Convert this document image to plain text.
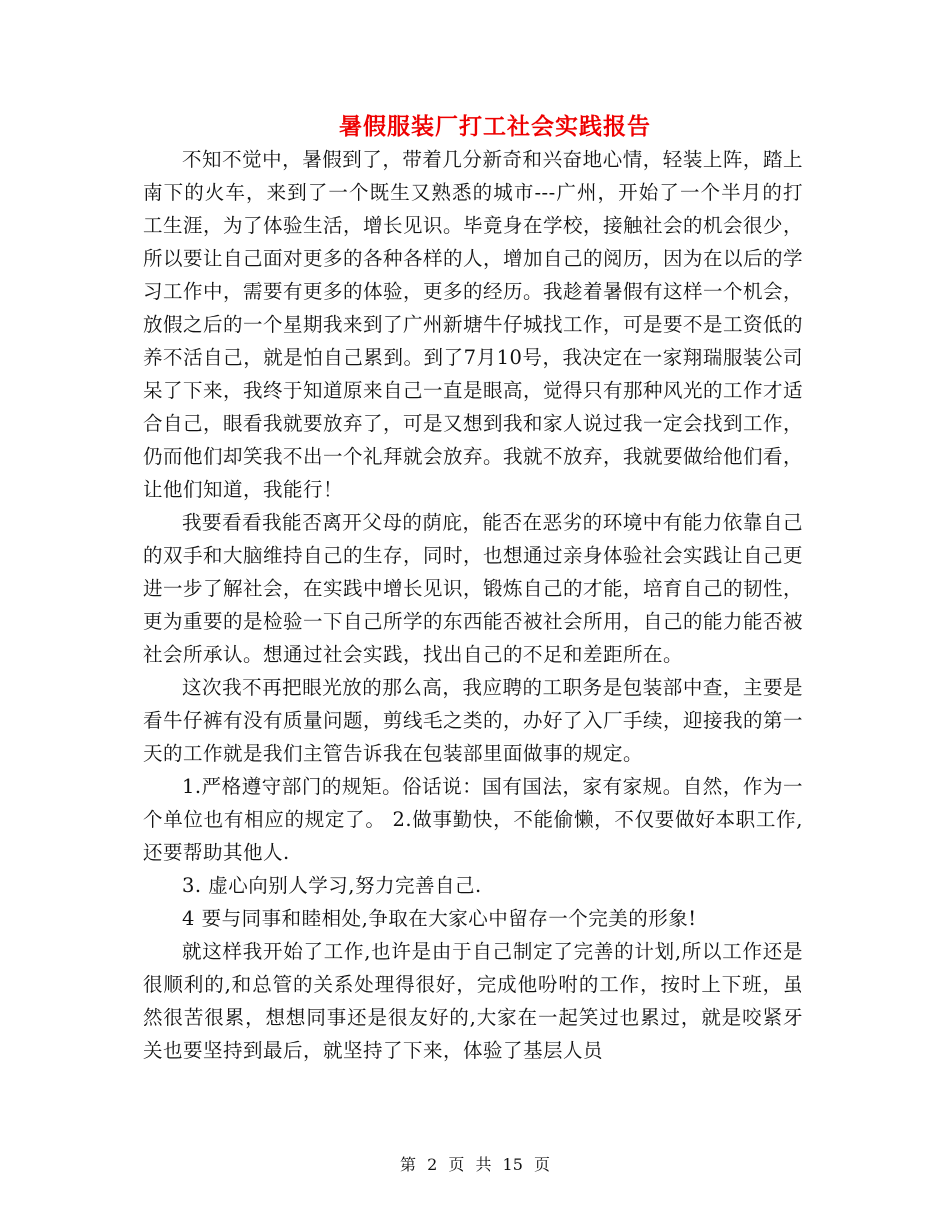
暑假服装厂打工社会实践报告

不知不觉中，暑假到了，带着几分新奇和兴奋地心情，轻装上阵，踏上南下的火车，来到了一个既生又熟悉的城市---广州，开始了一个半月的打工生涯，为了体验生活，增长见识。毕竟身在学校，接触社会的机会很少，所以要让自己面对更多的各种各样的人，增加自己的阅历，因为在以后的学习工作中，需要有更多的体验，更多的经历。我趁着暑假有这样一个机会，放假之后的一个星期我来到了广州新塘牛仔城找工作，可是要不是工资低的养不活自己，就是怕自己累到。到了7月10号，我决定在一家翔瑞服装公司呆了下来，我终于知道原来自己一直是眼高，觉得只有那种风光的工作才适合自己，眼看我就要放弃了，可是又想到我和家人说过我一定会找到工作，仍而他们却笑我不出一个礼拜就会放弃。我就不放弃，我就要做给他们看，让他们知道，我能行！

我要看看我能否离开父母的荫庇，能否在恶劣的环境中有能力依靠自己的双手和大脑维持自己的生存，同时，也想通过亲身体验社会实践让自己更进一步了解社会，在实践中增长见识，锻炼自己的才能，培育自己的韧性，更为重要的是检验一下自己所学的东西能否被社会所用，自己的能力能否被社会所承认。想通过社会实践，找出自己的不足和差距所在。

这次我不再把眼光放的那么高，我应聘的工职务是包装部中查，主要是看牛仔裤有没有质量问题，剪线毛之类的，办好了入厂手续，迎接我的第一天的工作就是我们主管告诉我在包装部里面做事的规定。

1.严格遵守部门的规矩。俗话说：国有国法，家有家规。自然，作为一个单位也有相应的规定了。 2.做事勤快，不能偷懒，不仅要做好本职工作,还要帮助其他人.

3. 虚心向别人学习,努力完善自己.

4 要与同事和睦相处,争取在大家心中留存一个完美的形象!

就这样我开始了工作,也许是由于自己制定了完善的计划,所以工作还是很顺利的,和总管的关系处理得很好，完成他吩咐的工作，按时上下班，虽然很苦很累，想想同事还是很友好的,大家在一起笑过也累过，就是咬紧牙关也要坚持到最后，就坚持了下来，体验了基层人员

第 2 页 共 15 页
